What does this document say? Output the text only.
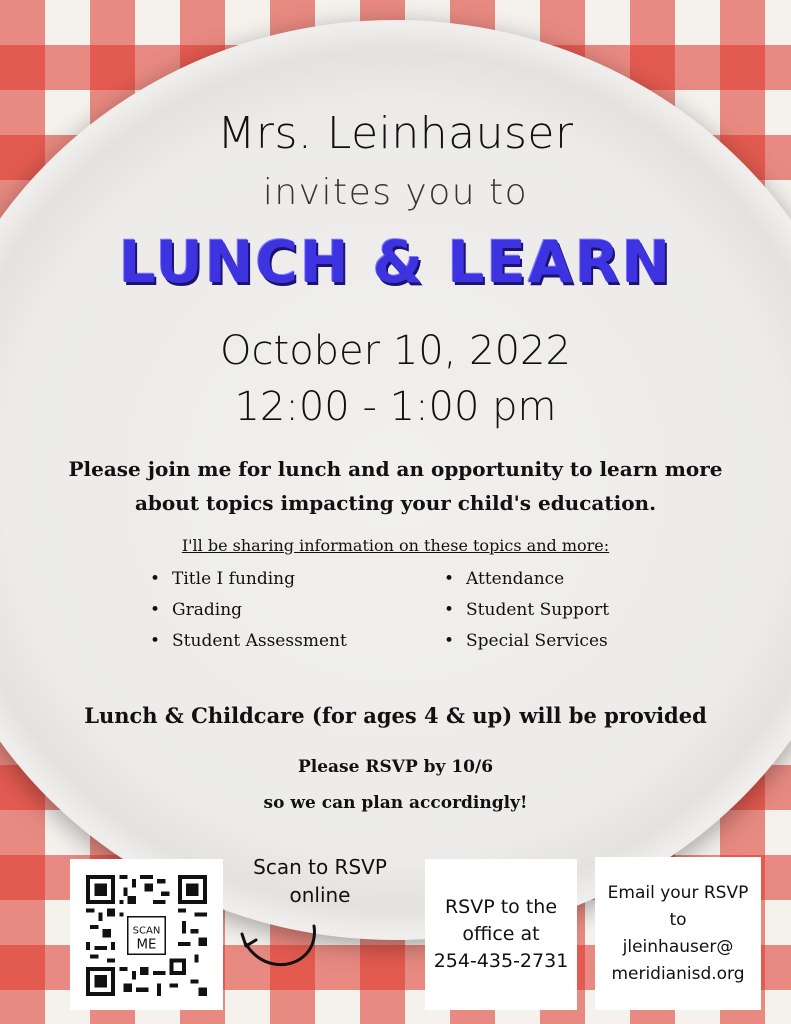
Mrs. Leinhauser
invites you to
LUNCH & LEARN
October 10, 2022
12:00 - 1:00 pm
Please join me for lunch and an opportunity to learn more
about topics impacting your child's education.
I'll be sharing information on these topics and more:
• Title I funding
• Grading
• Student Assessment
• Attendance
• Student Support
• Special Services
Lunch & Childcare (for ages 4 & up) will be provided
Please RSVP by 10/6
so we can plan accordingly!
SCAN
ME
Scan to RSVP
online	RSVP to the
office at
254-435-2731
Email your RSVP
to
jleinhauser@
meridianisd.org
